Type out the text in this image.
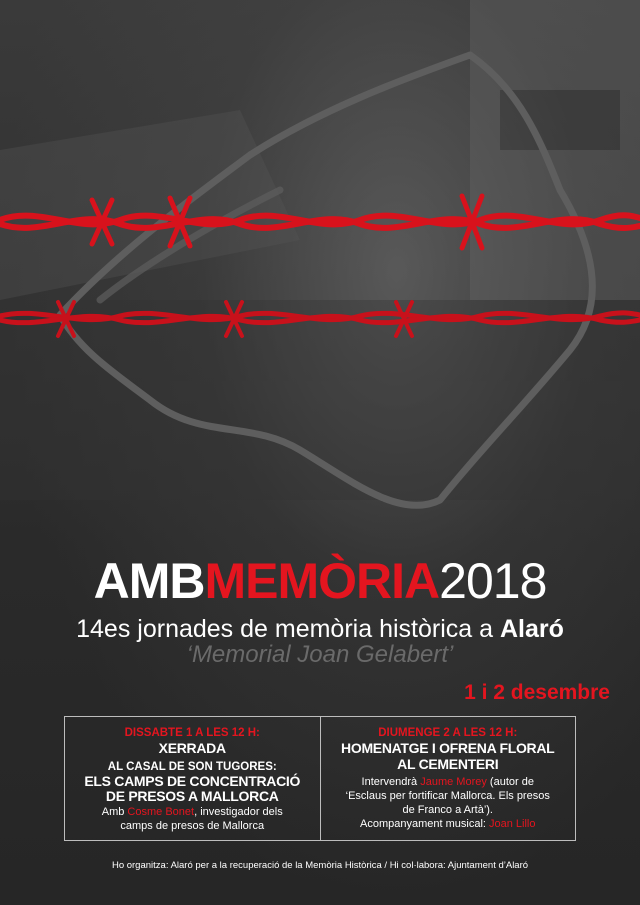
AMBMEMÒRIA2018
14es jornades de memòria històrica a Alaró
‘Memorial Joan Gelabert’
1 i 2 desembre
DISSABTE 1 A LES 12 H:
XERRADA
AL CASAL DE SON TUGORES:
ELS CAMPS DE CONCENTRACIÓ
DE PRESOS A MALLORCA
Amb Cosme Bonet, investigador dels
camps de presos de Mallorca
DIUMENGE 2 A LES 12 H:
HOMENATGE I OFRENA FLORAL
AL CEMENTERI
Intervendrà Jaume Morey (autor de
‘Esclaus per fortificar Mallorca. Els presos
de Franco a Artà’).
Acompanyament musical: Joan Lillo
Ho organitza: Alaró per a la recuperació de la Memòria Històrica / Hi col·labora: Ajuntament d’Alaró
